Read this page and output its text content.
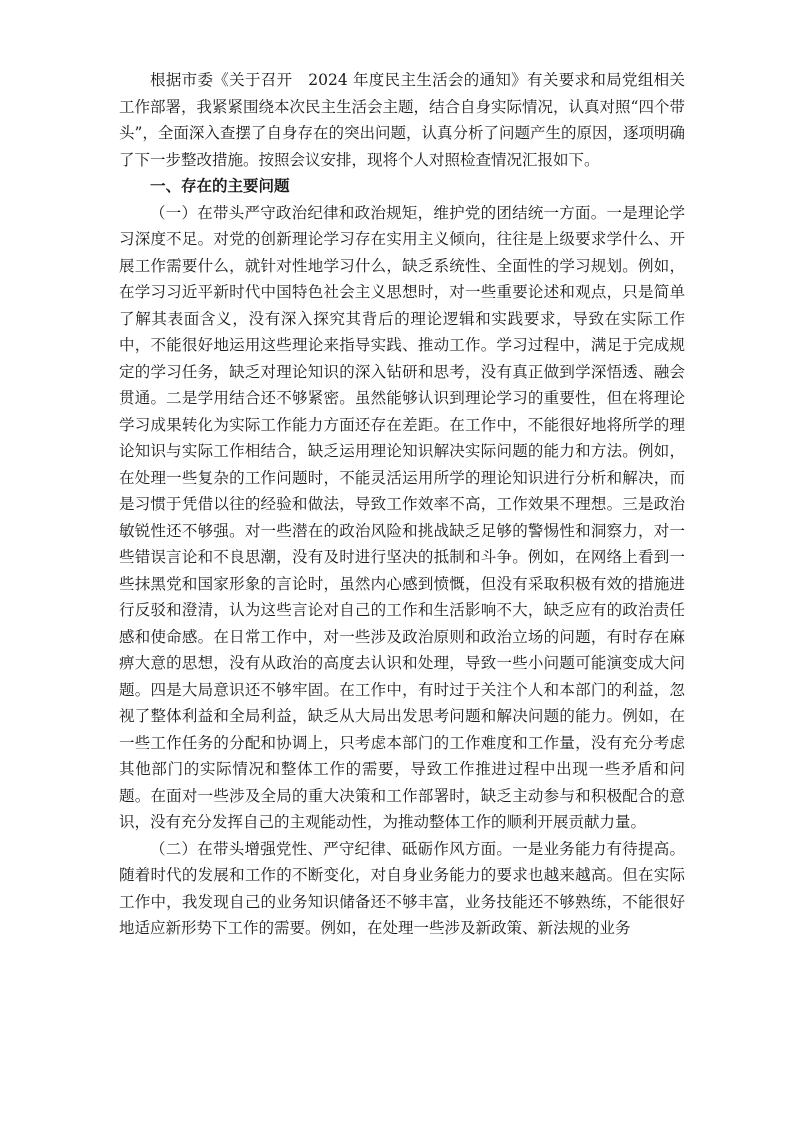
根据市委《关于召开　2024 年度民主生活会的通知》有关要求和局党组相关工作部署，我紧紧围绕本次民主生活会主题，结合自身实际情况，认真对照“四个带头”，全面深入查摆了自身存在的突出问题，认真分析了问题产生的原因，逐项明确了下一步整改措施。按照会议安排，现将个人对照检查情况汇报如下。

一、存在的主要问题

（一）在带头严守政治纪律和政治规矩，维护党的团结统一方面。一是理论学习深度不足。对党的创新理论学习存在实用主义倾向，往往是上级要求学什么、开展工作需要什么，就针对性地学习什么，缺乏系统性、全面性的学习规划。例如，在学习习近平新时代中国特色社会主义思想时，对一些重要论述和观点，只是简单了解其表面含义，没有深入探究其背后的理论逻辑和实践要求，导致在实际工作中，不能很好地运用这些理论来指导实践、推动工作。学习过程中，满足于完成规定的学习任务，缺乏对理论知识的深入钻研和思考，没有真正做到学深悟透、融会贯通。二是学用结合还不够紧密。虽然能够认识到理论学习的重要性，但在将理论学习成果转化为实际工作能力方面还存在差距。在工作中，不能很好地将所学的理论知识与实际工作相结合，缺乏运用理论知识解决实际问题的能力和方法。例如，在处理一些复杂的工作问题时，不能灵活运用所学的理论知识进行分析和解决，而是习惯于凭借以往的经验和做法，导致工作效率不高，工作效果不理想。三是政治敏锐性还不够强。对一些潜在的政治风险和挑战缺乏足够的警惕性和洞察力，对一些错误言论和不良思潮，没有及时进行坚决的抵制和斗争。例如，在网络上看到一些抹黑党和国家形象的言论时，虽然内心感到愤慨，但没有采取积极有效的措施进行反驳和澄清，认为这些言论对自己的工作和生活影响不大，缺乏应有的政治责任感和使命感。在日常工作中，对一些涉及政治原则和政治立场的问题，有时存在麻痹大意的思想，没有从政治的高度去认识和处理，导致一些小问题可能演变成大问题。四是大局意识还不够牢固。在工作中，有时过于关注个人和本部门的利益，忽视了整体利益和全局利益，缺乏从大局出发思考问题和解决问题的能力。例如，在一些工作任务的分配和协调上，只考虑本部门的工作难度和工作量，没有充分考虑其他部门的实际情况和整体工作的需要，导致工作推进过程中出现一些矛盾和问题。在面对一些涉及全局的重大决策和工作部署时，缺乏主动参与和积极配合的意识，没有充分发挥自己的主观能动性，为推动整体工作的顺利开展贡献力量。

（二）在带头增强党性、严守纪律、砥砺作风方面。一是业务能力有待提高。随着时代的发展和工作的不断变化，对自身业务能力的要求也越来越高。但在实际工作中，我发现自己的业务知识储备还不够丰富，业务技能还不够熟练，不能很好地适应新形势下工作的需要。例如，在处理一些涉及新政策、新法规的业务
